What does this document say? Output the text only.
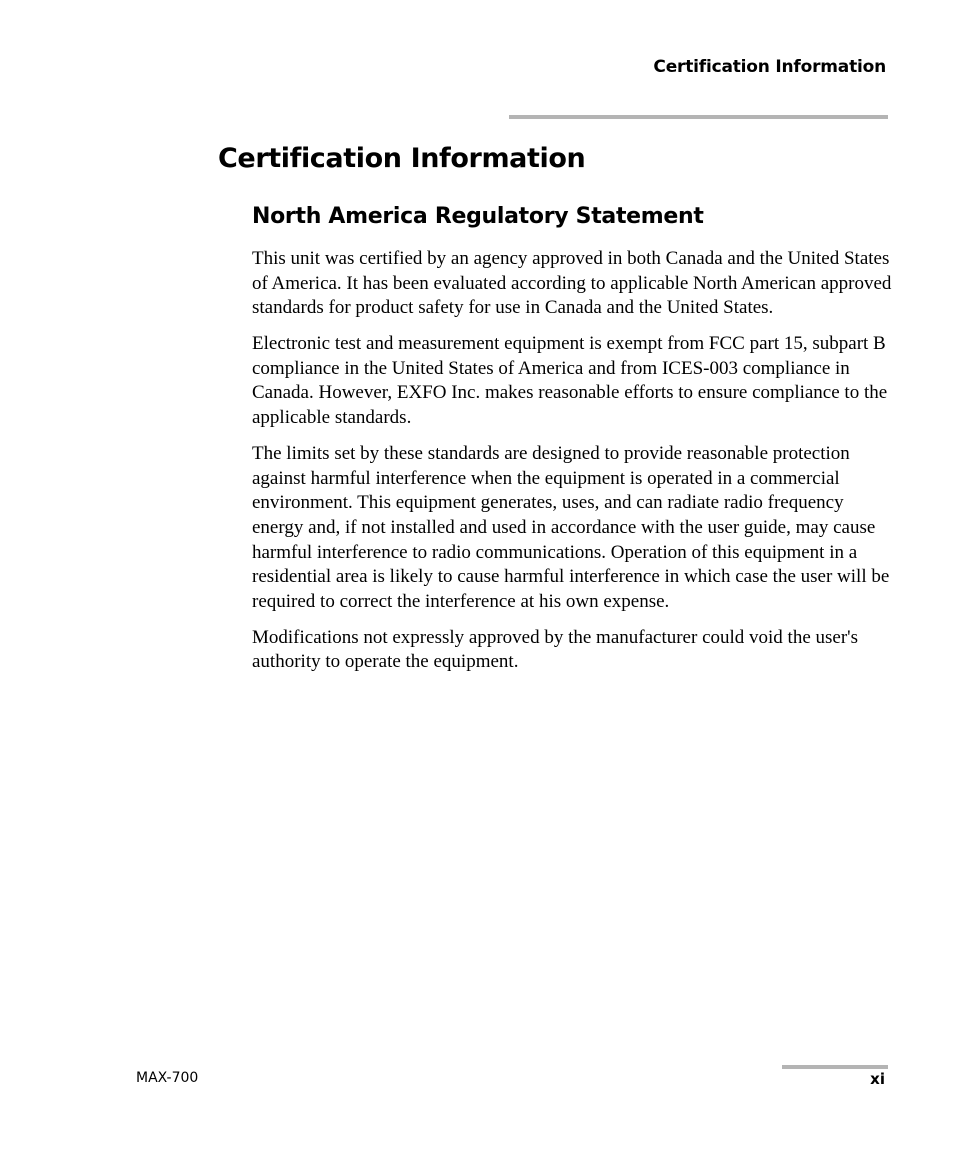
Certification Information
Certification Information
North America Regulatory Statement

This unit was certified by an agency approved in both Canada and the United States of America. It has been evaluated according to applicable North American approved standards for product safety for use in Canada and the United States.

Electronic test and measurement equipment is exempt from FCC part 15, subpart B compliance in the United States of America and from ICES-003 compliance in Canada. However, EXFO Inc. makes reasonable efforts to ensure compliance to the applicable standards.

The limits set by these standards are designed to provide reasonable protection against harmful interference when the equipment is operated in a commercial environment. This equipment generates, uses, and can radiate radio frequency energy and, if not installed and used in accordance with the user guide, may cause harmful interference to radio communications. Operation of this equipment in a residential area is likely to cause harmful interference in which case the user will be required to correct the interference at his own expense.

Modifications not expressly approved by the manufacturer could void the user's authority to operate the equipment.

MAX-700	xi
